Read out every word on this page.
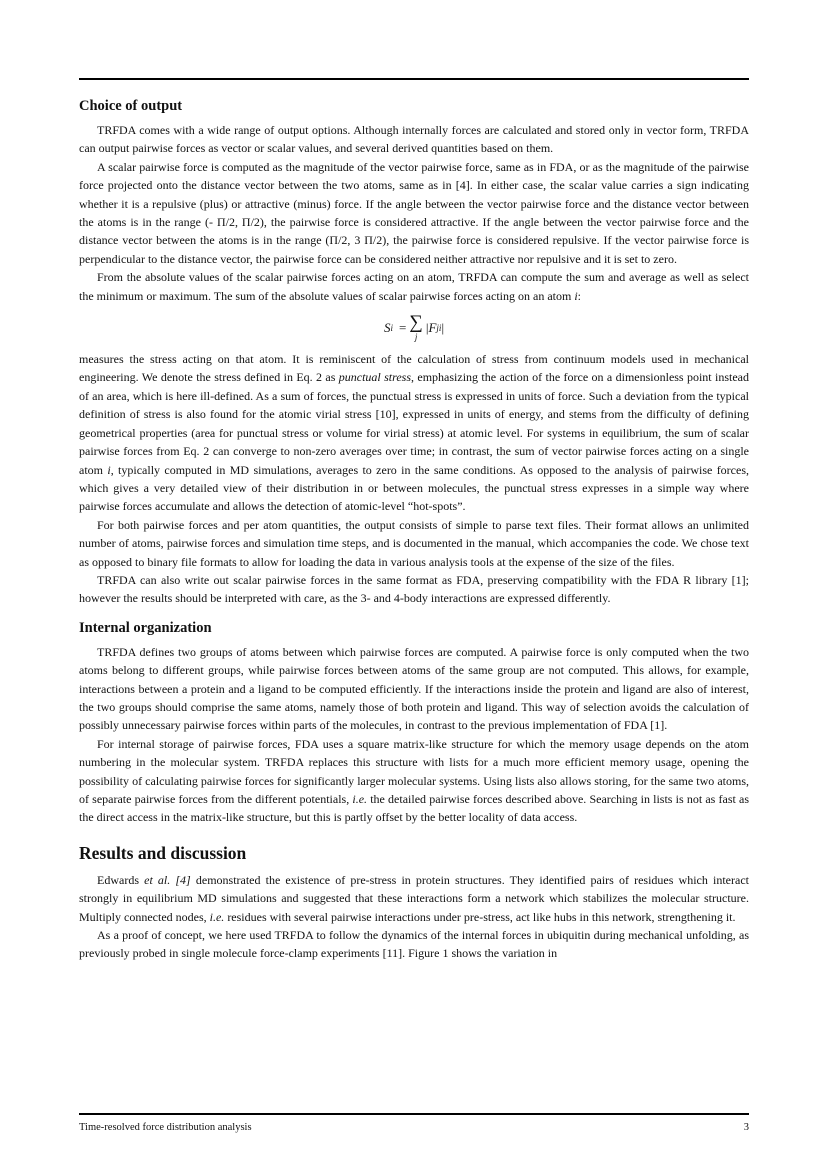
Choice of output

TRFDA comes with a wide range of output options. Although internally forces are calculated and stored only in vector form, TRFDA can output pairwise forces as vector or scalar values, and several derived quantities based on them.

A scalar pairwise force is computed as the magnitude of the vector pairwise force, same as in FDA, or as the magnitude of the pairwise force projected onto the distance vector between the two atoms, same as in [4]. In either case, the scalar value carries a sign indicating whether it is a repulsive (plus) or attractive (minus) force. If the angle between the vector pairwise force and the distance vector between the atoms is in the range (- Π/2, Π/2), the pairwise force is considered attractive. If the angle between the vector pairwise force and the distance vector between the atoms is in the range (Π/2, 3 Π/2), the pairwise force is considered repulsive. If the vector pairwise force is perpendicular to the distance vector, the pairwise force can be considered neither attractive nor repulsive and it is set to zero.

From the absolute values of the scalar pairwise forces acting on an atom, TRFDA can compute the sum and average as well as select the minimum or maximum. The sum of the absolute values of scalar pairwise forces acting on an atom i:

S i = ∑
j
| F ji |

measures the stress acting on that atom. It is reminiscent of the calculation of stress from continuum models used in mechanical engineering. We denote the stress defined in Eq. 2 as punctual stress, emphasizing the action of the force on a dimensionless point instead of an area, which is here ill-defined. As a sum of forces, the punctual stress is expressed in units of force. Such a deviation from the typical definition of stress is also found for the atomic virial stress [10], expressed in units of energy, and stems from the difficulty of defining geometrical properties (area for punctual stress or volume for virial stress) at atomic level. For systems in equilibrium, the sum of scalar pairwise forces from Eq. 2 can converge to non-zero averages over time; in contrast, the sum of vector pairwise forces acting on a single atom i, typically computed in MD simulations, averages to zero in the same conditions. As opposed to the analysis of pairwise forces, which gives a very detailed view of their distribution in or between molecules, the punctual stress expresses in a simple way where pairwise forces accumulate and allows the detection of atomic-level “hot-spots”.

For both pairwise forces and per atom quantities, the output consists of simple to parse text files. Their format allows an unlimited number of atoms, pairwise forces and simulation time steps, and is documented in the manual, which accompanies the code. We chose text as opposed to binary file formats to allow for loading the data in various analysis tools at the expense of the size of the files.

TRFDA can also write out scalar pairwise forces in the same format as FDA, preserving compatibility with the FDA R library [1]; however the results should be interpreted with care, as the 3- and 4-body interactions are expressed differently.

Internal organization

TRFDA defines two groups of atoms between which pairwise forces are computed. A pairwise force is only computed when the two atoms belong to different groups, while pairwise forces between atoms of the same group are not computed. This allows, for example, interactions between a protein and a ligand to be computed efficiently. If the interactions inside the protein and ligand are also of interest, the two groups should comprise the same atoms, namely those of both protein and ligand. This way of selection avoids the calculation of possibly unnecessary pairwise forces within parts of the molecules, in contrast to the previous implementation of FDA [1].

For internal storage of pairwise forces, FDA uses a square matrix-like structure for which the memory usage depends on the atom numbering in the molecular system. TRFDA replaces this structure with lists for a much more efficient memory usage, opening the possibility of calculating pairwise forces for significantly larger molecular systems. Using lists also allows storing, for the same two atoms, of separate pairwise forces from the different potentials, i.e. the detailed pairwise forces described above. Searching in lists is not as fast as the direct access in the matrix-like structure, but this is partly offset by the better locality of data access.

Results and discussion

Edwards et al. [4] demonstrated the existence of pre-stress in protein structures. They identified pairs of residues which interact strongly in equilibrium MD simulations and suggested that these interactions form a network which stabilizes the molecular structure. Multiply connected nodes, i.e. residues with several pairwise interactions under pre-stress, act like hubs in this network, strengthening it.

As a proof of concept, we here used TRFDA to follow the dynamics of the internal forces in ubiquitin during mechanical unfolding, as previously probed in single molecule force-clamp experiments [11]. Figure 1 shows the variation in

Time-resolved force distribution analysis	3
